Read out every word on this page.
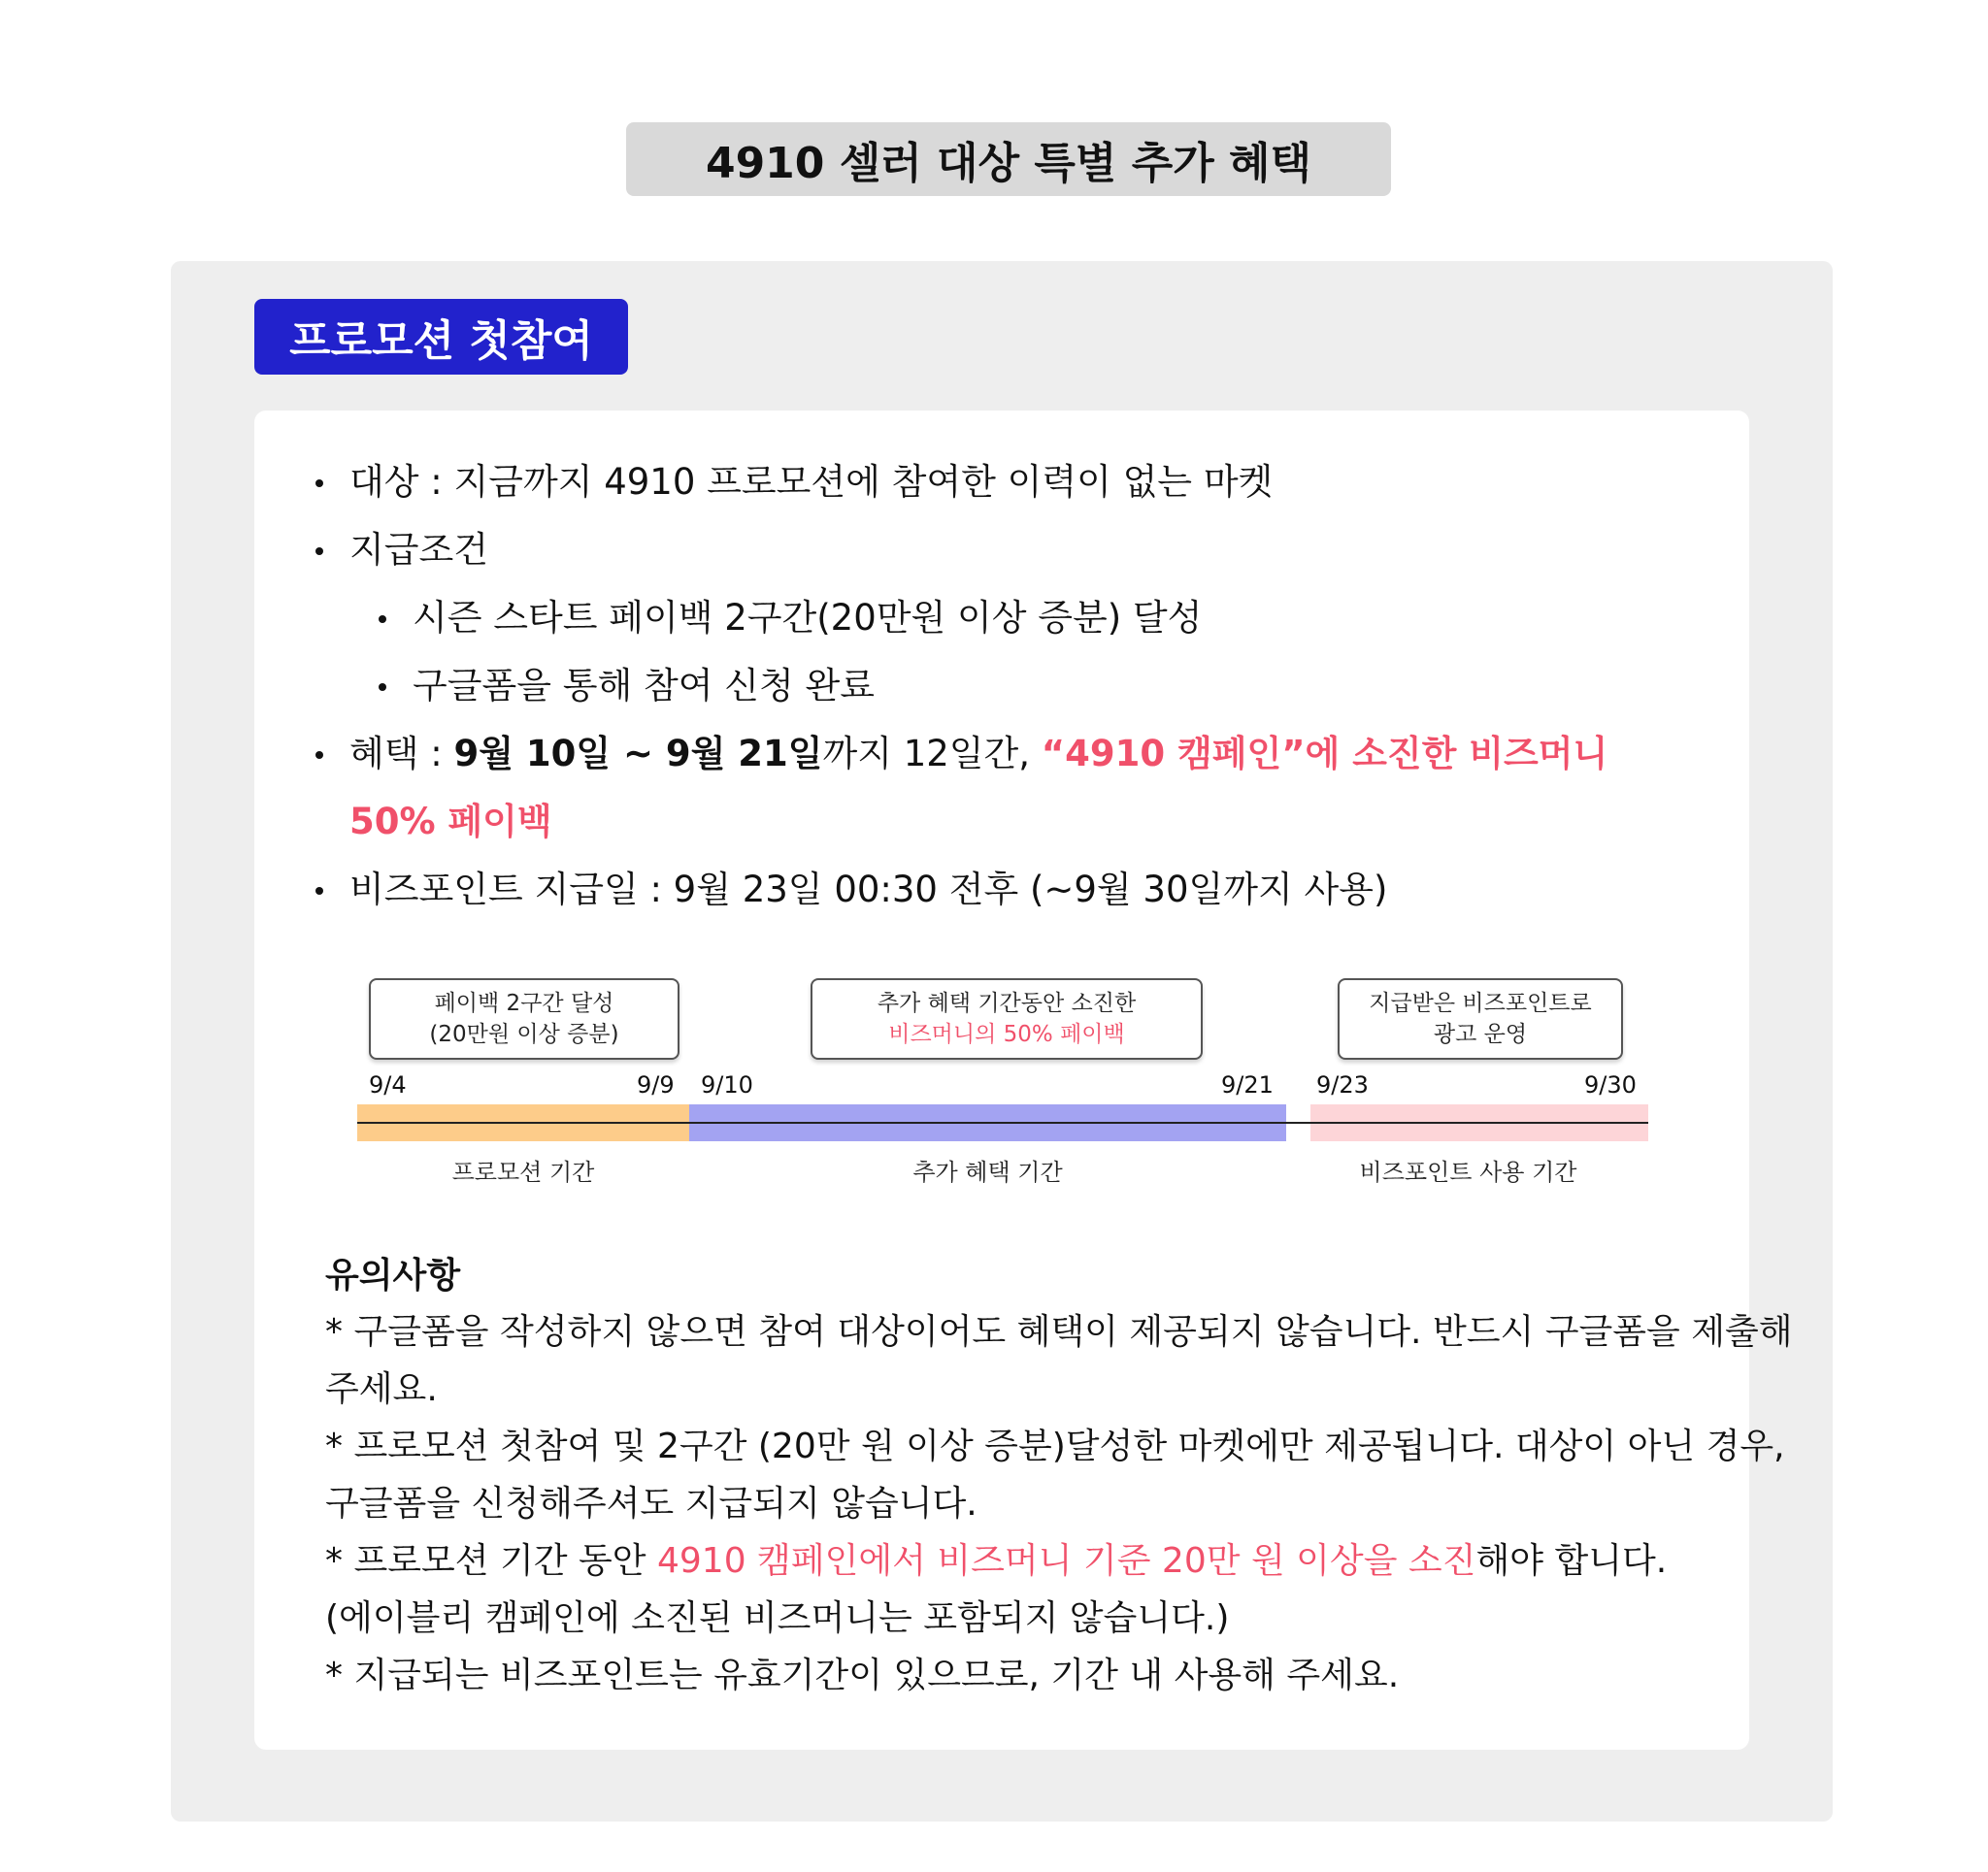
4910 셀러 대상 특별 추가 혜택
프로모션 첫참여
대상 : 지금까지 4910 프로모션에 참여한 이력이 없는 마켓
지급조건
시즌 스타트 페이백 2구간(20만원 이상 증분) 달성
구글폼을 통해 참여 신청 완료
혜택 : 9월 10일 ~ 9월 21일까지 12일간, “4910 캠페인”에 소진한 비즈머니
50% 페이백
비즈포인트 지급일 : 9월 23일 00:30 전후 (~9월 30일까지 사용)
페이백 2구간 달성
(20만원 이상 증분)
추가 혜택 기간동안 소진한
비즈머니의 50% 페이백
지급받은 비즈포인트로
광고 운영
9/4	9/9 9/10	9/21 9/23	9/30
프로모션 기간	추가 혜택 기간	비즈포인트 사용 기간
유의사항
* 구글폼을 작성하지 않으면 참여 대상이어도 혜택이 제공되지 않습니다. 반드시 구글폼을 제출해
주세요.
* 프로모션 첫참여 및 2구간 (20만 원 이상 증분)달성한 마켓에만 제공됩니다. 대상이 아닌 경우,
구글폼을 신청해주셔도 지급되지 않습니다.
* 프로모션 기간 동안 4910 캠페인에서 비즈머니 기준 20만 원 이상을 소진해야 합니다.
(에이블리 캠페인에 소진된 비즈머니는 포함되지 않습니다.)
* 지급되는 비즈포인트는 유효기간이 있으므로, 기간 내 사용해 주세요.
